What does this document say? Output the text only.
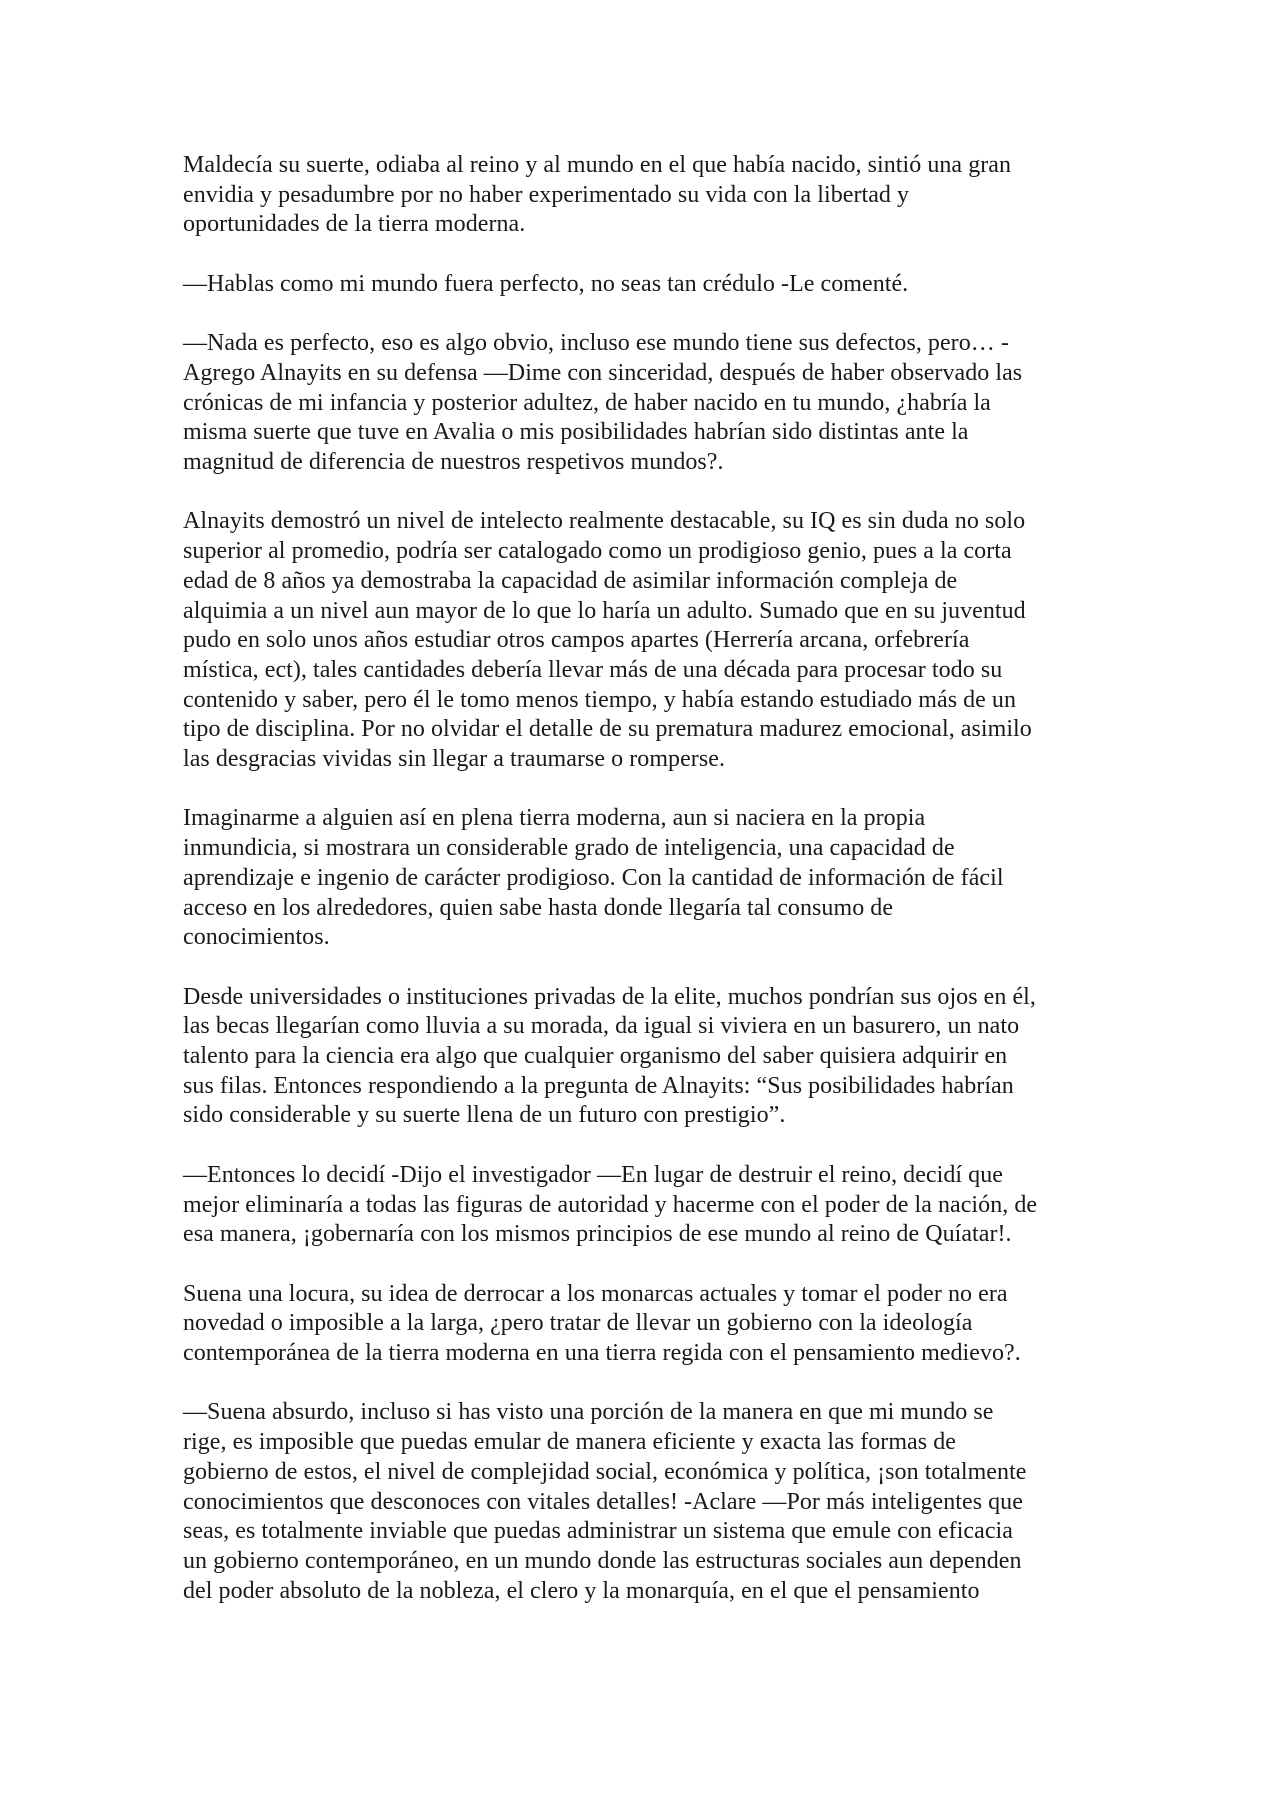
Maldecía su suerte, odiaba al reino y al mundo en el que había nacido, sintió una gran
envidia y pesadumbre por no haber experimentado su vida con la libertad y
oportunidades de la tierra moderna.

—Hablas como mi mundo fuera perfecto, no seas tan crédulo -Le comenté.

—Nada es perfecto, eso es algo obvio, incluso ese mundo tiene sus defectos, pero… -
Agrego Alnayits en su defensa —Dime con sinceridad, después de haber observado las
crónicas de mi infancia y posterior adultez, de haber nacido en tu mundo, ¿habría la
misma suerte que tuve en Avalia o mis posibilidades habrían sido distintas ante la
magnitud de diferencia de nuestros respetivos mundos?.

Alnayits demostró un nivel de intelecto realmente destacable, su IQ es sin duda no solo
superior al promedio, podría ser catalogado como un prodigioso genio, pues a la corta
edad de 8 años ya demostraba la capacidad de asimilar información compleja de
alquimia a un nivel aun mayor de lo que lo haría un adulto. Sumado que en su juventud
pudo en solo unos años estudiar otros campos apartes (Herrería arcana, orfebrería
mística, ect), tales cantidades debería llevar más de una década para procesar todo su
contenido y saber, pero él le tomo menos tiempo, y había estando estudiado más de un
tipo de disciplina. Por no olvidar el detalle de su prematura madurez emocional, asimilo
las desgracias vividas sin llegar a traumarse o romperse.

Imaginarme a alguien así en plena tierra moderna, aun si naciera en la propia
inmundicia, si mostrara un considerable grado de inteligencia, una capacidad de
aprendizaje e ingenio de carácter prodigioso. Con la cantidad de información de fácil
acceso en los alrededores, quien sabe hasta donde llegaría tal consumo de
conocimientos.

Desde universidades o instituciones privadas de la elite, muchos pondrían sus ojos en él,
las becas llegarían como lluvia a su morada, da igual si viviera en un basurero, un nato
talento para la ciencia era algo que cualquier organismo del saber quisiera adquirir en
sus filas. Entonces respondiendo a la pregunta de Alnayits: “Sus posibilidades habrían
sido considerable y su suerte llena de un futuro con prestigio”.

—Entonces lo decidí -Dijo el investigador —En lugar de destruir el reino, decidí que
mejor eliminaría a todas las figuras de autoridad y hacerme con el poder de la nación, de
esa manera, ¡gobernaría con los mismos principios de ese mundo al reino de Quíatar!.

Suena una locura, su idea de derrocar a los monarcas actuales y tomar el poder no era
novedad o imposible a la larga, ¿pero tratar de llevar un gobierno con la ideología
contemporánea de la tierra moderna en una tierra regida con el pensamiento medievo?.

—Suena absurdo, incluso si has visto una porción de la manera en que mi mundo se
rige, es imposible que puedas emular de manera eficiente y exacta las formas de
gobierno de estos, el nivel de complejidad social, económica y política, ¡son totalmente
conocimientos que desconoces con vitales detalles! -Aclare —Por más inteligentes que
seas, es totalmente inviable que puedas administrar un sistema que emule con eficacia
un gobierno contemporáneo, en un mundo donde las estructuras sociales aun dependen
del poder absoluto de la nobleza, el clero y la monarquía, en el que el pensamiento
